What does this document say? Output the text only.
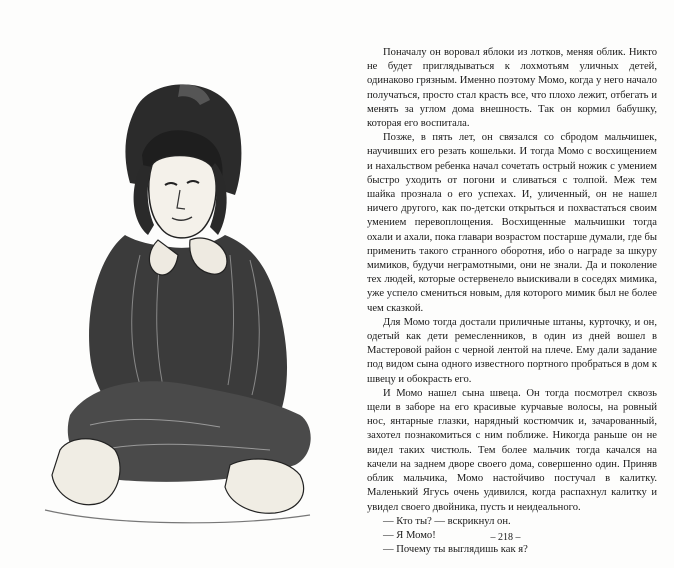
Поначалу он воровал яблоки из лотков, меняя облик. Никто не будет приглядываться к лохмотьям уличных детей, одинаково грязным. Именно поэтому Момо, когда у него начало получаться, просто стал красть все, что плохо лежит, отбегать и менять за углом дома внешность. Так он кормил бабушку, которая его воспитала.

Позже, в пять лет, он связался со сбродом мальчишек, научивших его резать кошельки. И тогда Момо с восхищением и нахальством ребенка начал сочетать острый ножик с умением быстро уходить от погони и сливаться с толпой. Меж тем шайка прознала о его успехах. И, уличенный, он не нашел ничего другого, как по-детски открыться и похвастаться своим умением перевоплощения. Восхищенные мальчишки тогда охали и ахали, пока главари возрастом постарше думали, где бы применить такого странного оборотня, ибо о награде за шкуру мимиков, будучи неграмотными, они не знали. Да и поколение тех людей, которые остервенело выискивали в соседях мимика, уже успело смениться новым, для которого мимик был не более чем сказкой.

Для Момо тогда достали приличные штаны, курточку, и он, одетый как дети ремесленников, в один из дней вошел в Мастеровой район с черной лентой на плече. Ему дали задание под видом сына одного известного портного пробраться в дом к швецу и обокрасть его.

И Момо нашел сына швеца. Он тогда посмотрел сквозь щели в заборе на его красивые курчавые волосы, на ровный нос, янтарные глазки, нарядный костюмчик и, зачарованный, захотел познакомиться с ним поближе. Никогда раньше он не видел таких чистюль. Тем более мальчик тогда качался на качели на заднем дворе своего дома, совершенно один. Приняв облик мальчика, Момо настойчиво постучал в калитку. Маленький Ягусь очень удивился, когда распахнул калитку и увидел своего двойника, пусть и неидеального.

— Кто ты? — вскрикнул он.

— Я Момо!

— Почему ты выглядишь как я?

– 218 –
